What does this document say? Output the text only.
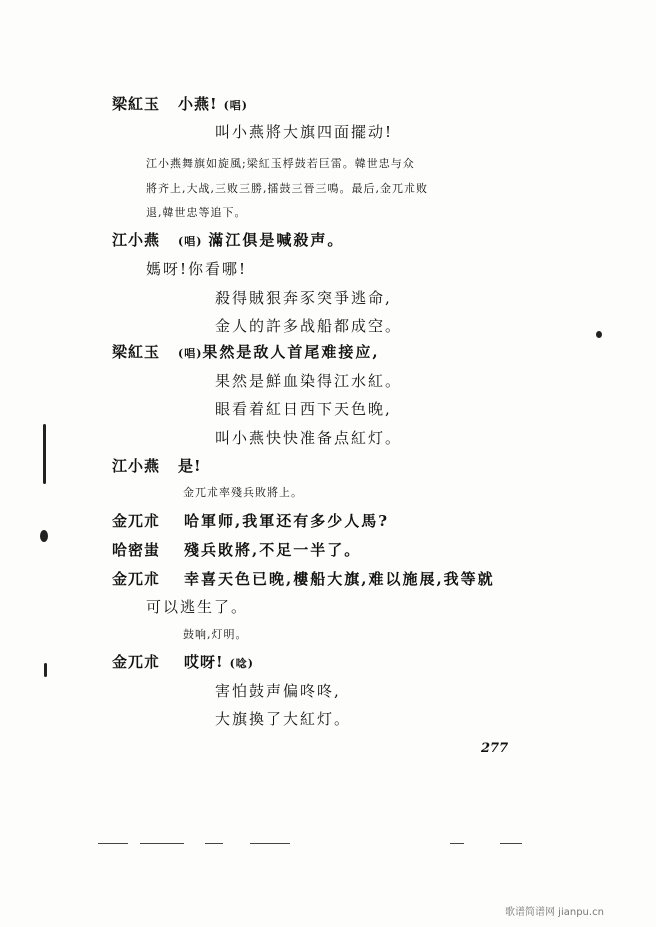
梁紅玉 小燕! (唱)
叫小燕將大旗四面擺动!
江小燕舞旗如旋風;梁紅玉桴鼓若巨雷。韓世忠与众
將齐上,大战,三败三勝,擂鼓三晉三鳴。最后,金兀朮败
退,韓世忠等追下。
江小燕 (唱) 滿江俱是喊殺声。
媽呀!你看哪!
殺得賊狠奔豕突爭逃命,
金人的許多战船都成空。
梁紅玉 (唱)果然是敌人首尾难接应,
果然是鮮血染得江水紅。
眼看着紅日西下天色晚,
叫小燕快快准备点紅灯。
江小燕 是!
金兀朮率殘兵敗將上。
金兀朮 哈軍师,我軍还有多少人馬?
哈密蚩 殘兵敗將,不足一半了。
金兀朮 幸喜天色已晚,樓船大旗,难以施展,我等就
可以逃生了。
鼓响,灯明。
金兀朮 哎呀! (唸)
害怕鼓声偏咚咚,
大旗換了大紅灯。
277
歌谱简谱网 jianpu.cn
